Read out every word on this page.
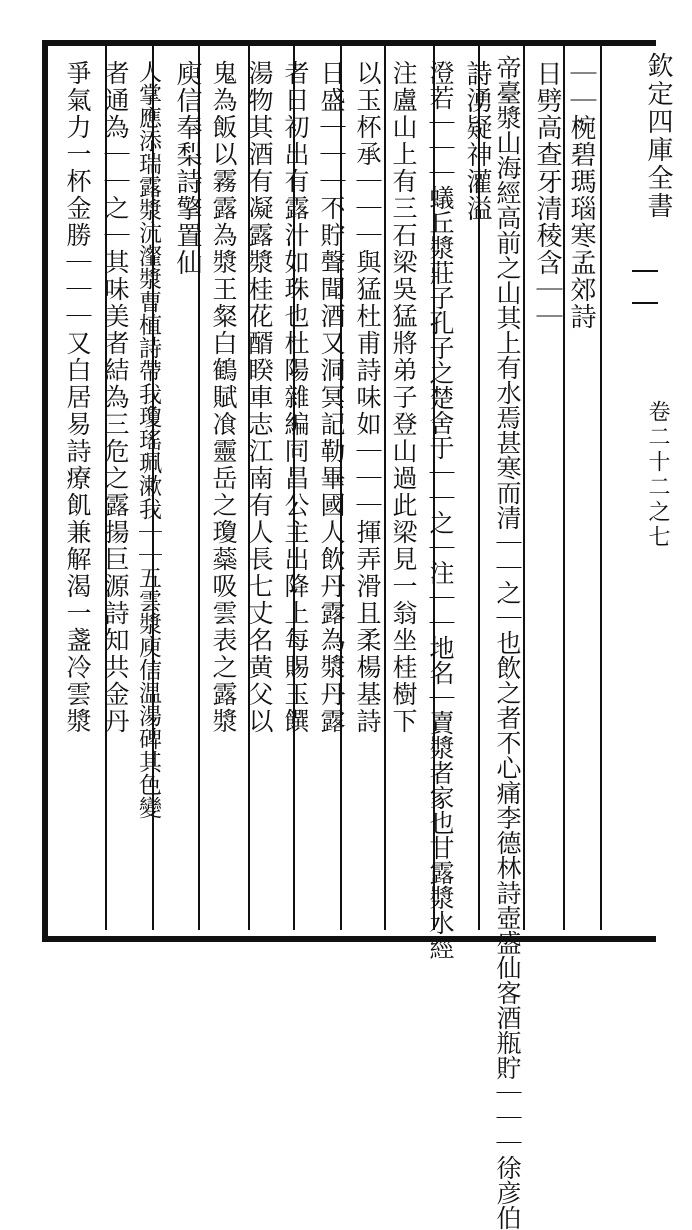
欽定四庫全書
卷二十二之七
｜｜椀碧瑪瑙寒孟郊詩
日劈高查牙清稜含｜｜
帝臺漿山海經高前之山其上有水焉甚寒而清｜｜之｜也飲之者不心痛李德林詩壺盛仙客酒瓶貯｜｜｜徐彦伯
詩湧疑神灌溢
澄若｜｜｜蟻丘漿莊子孔子之楚舍于｜｜之｜注｜｜地名｜賣漿者家也甘露漿水經
注盧山上有三石梁吳猛將弟子登山過此梁見一翁坐桂樹下
以玉杯承｜｜｜與猛杜甫詩味如｜｜｜揮弄滑且柔楊基詩
日盛｜｜｜不貯聲聞酒又洞冥記勒畢國人飲丹露為漿丹露
者日初出有露汁如珠也杜陽雜編同昌公主出降上每賜玉饌
湯物其酒有凝露漿桂花醑睽車志江南有人長七丈名黄父以
鬼為飯以霧露為漿王粲白鶴賦飡靈岳之瓊蘂吸雲表之露漿
庾信奉梨詩擎置仙
人掌應添瑞露漿沆瀣漿曹植詩帶我瓊瑤珮漱我｜｜五雲漿庾信温湯碑其色變
者通為｜｜之｜其味美者結為三危之露揚巨源詩知共金丹
爭氣力一杯金勝｜｜｜又白居易詩療飢兼解渴一盞冷雲漿
